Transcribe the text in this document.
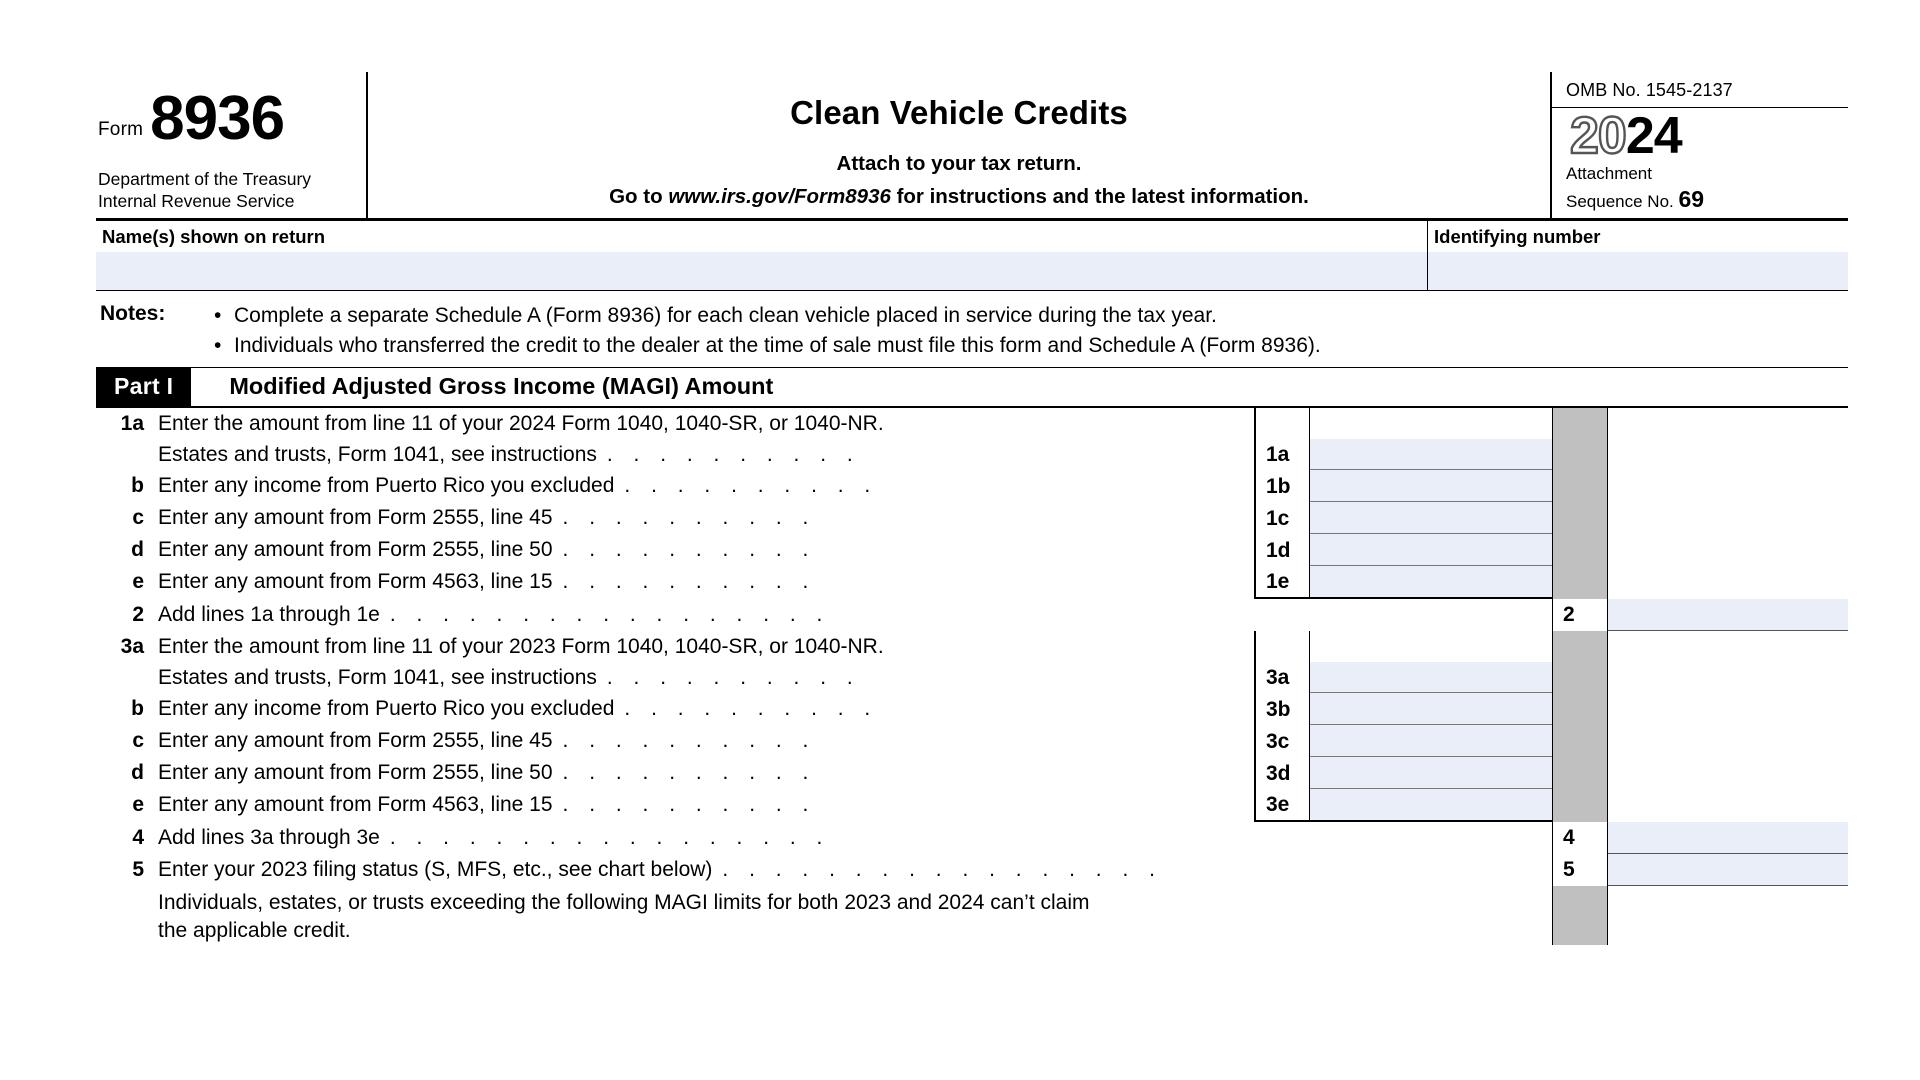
Form 8936
Department of the Treasury
Internal Revenue Service
Clean Vehicle Credits
Attach to your tax return.
Go to www.irs.gov/Form8936 for instructions and the latest information.
OMB No. 1545-2137
2024
Attachment
Sequence No. 69
Name(s) shown on return	Identifying number
Notes:	• Complete a separate Schedule A (Form 8936) for each clean vehicle placed in service during the tax year.
• Individuals who transferred the credit to the dealer at the time of sale must file this form and Schedule A (Form 8936).
Part I	Modified Adjusted Gross Income (MAGI) Amount
1a Enter the amount from line 11 of your 2024 Form 1040, 1040-SR, or 1040-NR.
Estates and trusts, Form 1041, see instructions . . . . . . . . . .	1a
b Enter any income from Puerto Rico you excluded . . . . . . . . . .	1b
c Enter any amount from Form 2555, line 45 . . . . . . . . . .	1c
d Enter any amount from Form 2555, line 50 . . . . . . . . . .	1d
e Enter any amount from Form 4563, line 15 . . . . . . . . . .	1e
2 Add lines 1a through 1e . . . . . . . . . . . . . . . . .	2
3a Enter the amount from line 11 of your 2023 Form 1040, 1040-SR, or 1040-NR.
Estates and trusts, Form 1041, see instructions . . . . . . . . . .	3a
b Enter any income from Puerto Rico you excluded . . . . . . . . . .	3b
c Enter any amount from Form 2555, line 45 . . . . . . . . . .	3c
d Enter any amount from Form 2555, line 50 . . . . . . . . . .	3d
e Enter any amount from Form 4563, line 15 . . . . . . . . . .	3e
4 Add lines 3a through 3e . . . . . . . . . . . . . . . . .	4
5 Enter your 2023 filing status (S, MFS, etc., see chart below) . . . . . . . . . . . . . . . . .	5
Individuals, estates, or trusts exceeding the following MAGI limits for both 2023 and 2024 can’t claim
the applicable credit.
